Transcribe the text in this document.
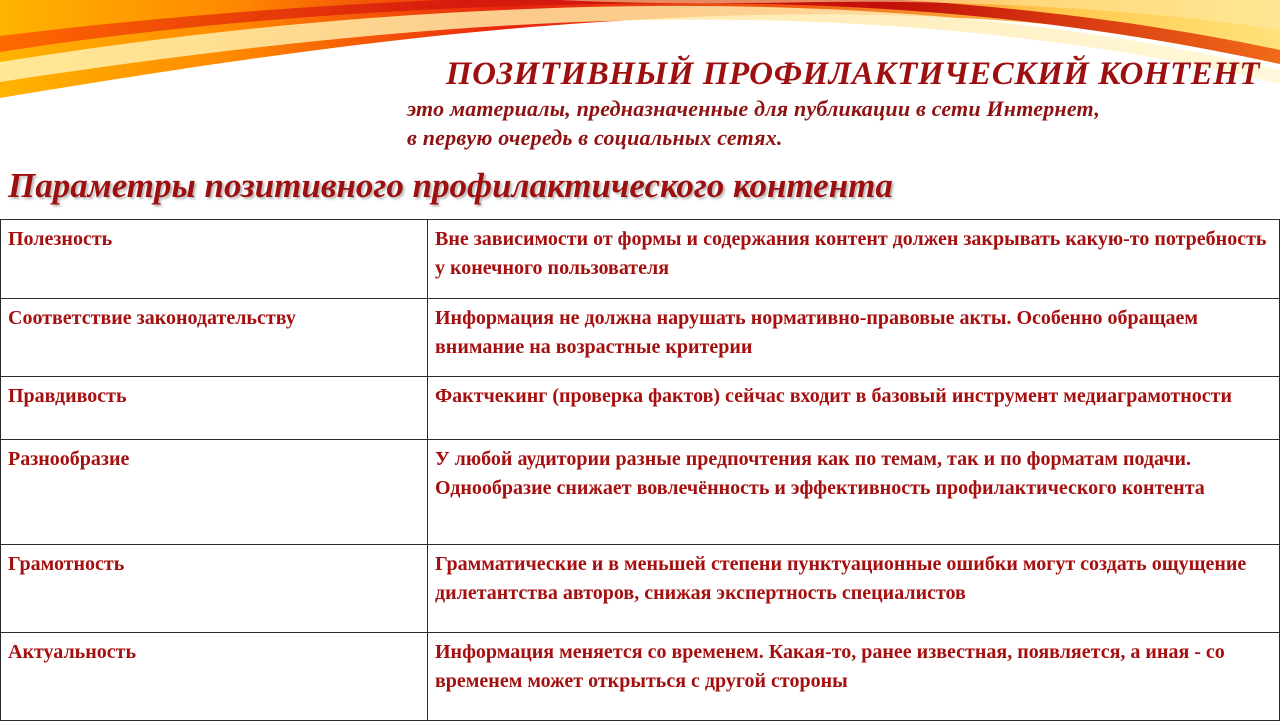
ПОЗИТИВНЫЙ ПРОФИЛАКТИЧЕСКИЙ КОНТЕНТ
это материалы, предназначенные для публикации в сети Интернет,
в первую очередь в социальных сетях.
Параметры позитивного профилактического контента
Полезность	Вне зависимости от формы и содержания контент должен закрывать какую-то потребность у конечного пользователя
Соответствие законодательству	Информация не должна нарушать нормативно-правовые акты. Особенно обращаем внимание на возрастные критерии
Правдивость	Фактчекинг (проверка фактов) сейчас входит в базовый инструмент медиаграмотности
Разнообразие	У любой аудитории разные предпочтения как по темам, так и по форматам подачи. Однообразие снижает вовлечённость и эффективность профилактического контента
Грамотность	Грамматические и в меньшей степени пунктуационные ошибки могут создать ощущение дилетантства авторов, снижая экспертность специалистов
Актуальность	Информация меняется со временем. Какая-то, ранее известная, появляется, а иная - со временем может открыться с другой стороны
